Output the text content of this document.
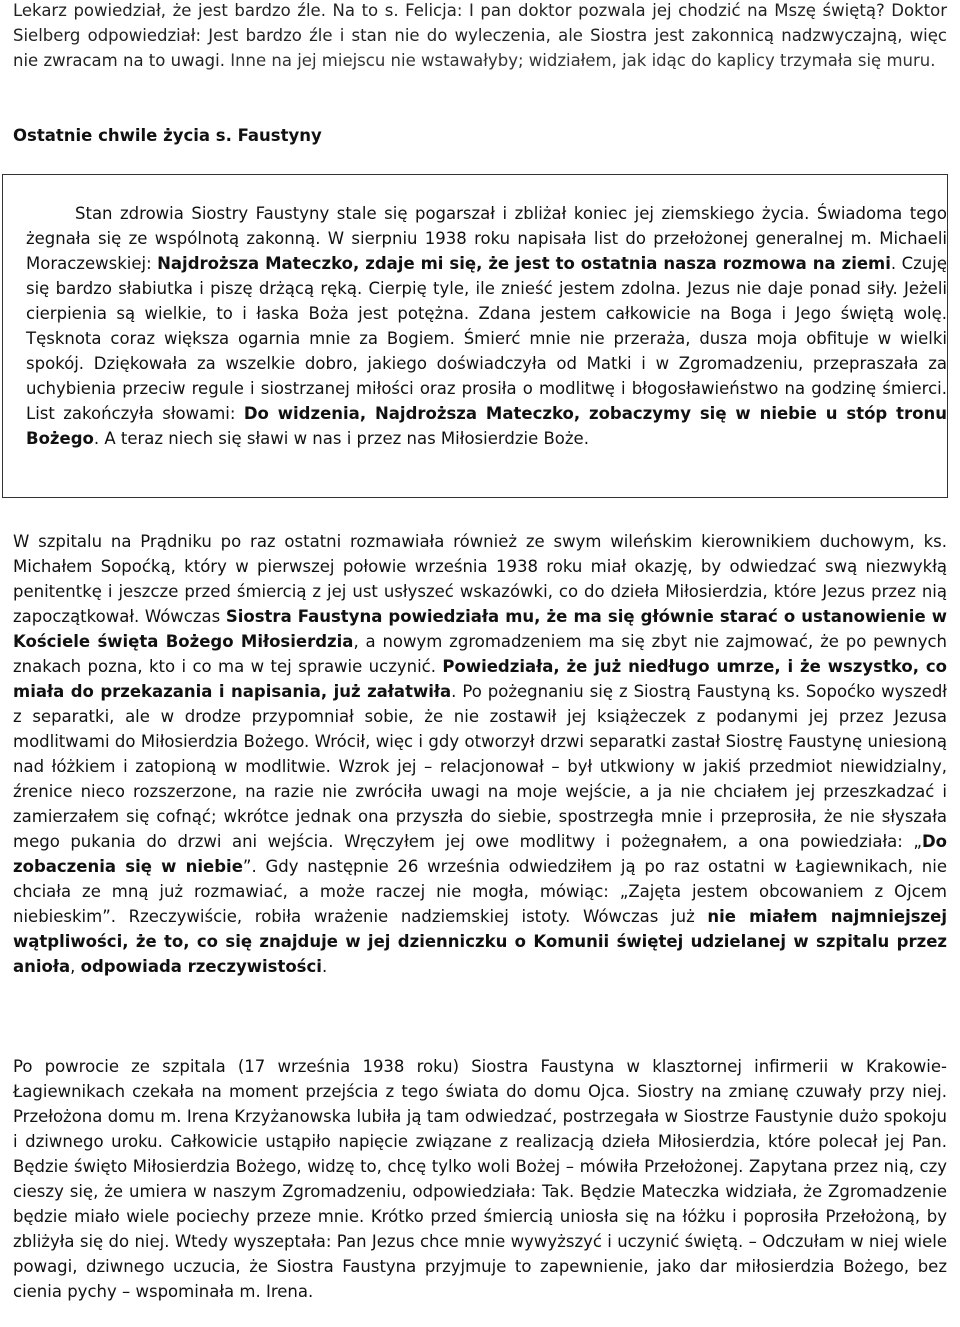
Lekarz powiedział, że jest bardzo źle. Na to s. Felicja: I pan doktor pozwala jej chodzić na Mszę świętą? Doktor Sielberg odpowiedział: Jest bardzo źle i stan nie do wyleczenia, ale Siostra jest zakonnicą nadzwyczajną, więc nie zwracam na to uwagi. Inne na jej miejscu nie wstawałyby; widziałem, jak idąc do kaplicy trzymała się muru.

Ostatnie chwile życia s. Faustyny

Stan zdrowia Siostry Faustyny stale się pogarszał i zbliżał koniec jej ziemskiego życia. Świadoma tego żegnała się ze wspólnotą zakonną. W sierpniu 1938 roku napisała list do przełożonej generalnej m. Michaeli Moraczewskiej: Najdroższa Mateczko, zdaje mi się, że jest to ostatnia nasza rozmowa na ziemi. Czuję się bardzo słabiutka i piszę drżącą ręką. Cierpię tyle, ile znieść jestem zdolna. Jezus nie daje ponad siły. Jeżeli cierpienia są wielkie, to i łaska Boża jest potężna. Zdana jestem całkowicie na Boga i Jego świętą wolę. Tęsknota coraz większa ogarnia mnie za Bogiem. Śmierć mnie nie przeraża, dusza moja obfituje w wielki spokój. Dziękowała za wszelkie dobro, jakiego doświadczyła od Matki i w Zgromadzeniu, przepraszała za uchybienia przeciw regule i siostrzanej miłości oraz prosiła o modlitwę i błogosławieństwo na godzinę śmierci. List zakończyła słowami: Do widzenia, Najdroższa Mateczko, zobaczymy się w niebie u stóp tronu Bożego. A teraz niech się sławi w nas i przez nas Miłosierdzie Boże.

W szpitalu na Prądniku po raz ostatni rozmawiała również ze swym wileńskim kierownikiem duchowym, ks. Michałem Sopoćką, który w pierwszej połowie września 1938 roku miał okazję, by odwiedzać swą niezwykłą penitentkę i jeszcze przed śmiercią z jej ust usłyszeć wskazówki, co do dzieła Miłosierdzia, które Jezus przez nią zapoczątkował. Wówczas Siostra Faustyna powiedziała mu, że ma się głównie starać o ustanowienie w Kościele święta Bożego Miłosierdzia, a nowym zgromadzeniem ma się zbyt nie zajmować, że po pewnych znakach pozna, kto i co ma w tej sprawie uczynić. Powiedziała, że już niedługo umrze, i że wszystko, co miała do przekazania i napisania, już załatwiła. Po pożegnaniu się z Siostrą Faustyną ks. Sopoćko wyszedł z separatki, ale w drodze przypomniał sobie, że nie zostawił jej książeczek z podanymi jej przez Jezusa modlitwami do Miłosierdzia Bożego. Wrócił, więc i gdy otworzył drzwi separatki zastał Siostrę Faustynę uniesioną nad łóżkiem i zatopioną w modlitwie. Wzrok jej – relacjonował – był utkwiony w jakiś przedmiot niewidzialny, źrenice nieco rozszerzone, na razie nie zwróciła uwagi na moje wejście, a ja nie chciałem jej przeszkadzać i zamierzałem się cofnąć; wkrótce jednak ona przyszła do siebie, spostrzegła mnie i przeprosiła, że nie słyszała mego pukania do drzwi ani wejścia. Wręczyłem jej owe modlitwy i pożegnałem, a ona powiedziała: „Do zobaczenia się w niebie”. Gdy następnie 26 września odwiedziłem ją po raz ostatni w Łagiewnikach, nie chciała ze mną już rozmawiać, a może raczej nie mogła, mówiąc: „Zajęta jestem obcowaniem z Ojcem niebieskim”. Rzeczywiście, robiła wrażenie nadziemskiej istoty. Wówczas już nie miałem najmniejszej wątpliwości, że to, co się znajduje w jej dzienniczku o Komunii świętej udzielanej w szpitalu przez anioła, odpowiada rzeczywistości.

Po powrocie ze szpitala (17 września 1938 roku) Siostra Faustyna w klasztornej infirmerii w Krakowie-Łagiewnikach czekała na moment przejścia z tego świata do domu Ojca. Siostry na zmianę czuwały przy niej. Przełożona domu m. Irena Krzyżanowska lubiła ją tam odwiedzać, postrzegała w Siostrze Faustynie dużo spokoju i dziwnego uroku. Całkowicie ustąpiło napięcie związane z realizacją dzieła Miłosierdzia, które polecał jej Pan. Będzie święto Miłosierdzia Bożego, widzę to, chcę tylko woli Bożej – mówiła Przełożonej. Zapytana przez nią, czy cieszy się, że umiera w naszym Zgromadzeniu, odpowiedziała: Tak. Będzie Mateczka widziała, że Zgromadzenie będzie miało wiele pociechy przeze mnie. Krótko przed śmiercią uniosła się na łóżku i poprosiła Przełożoną, by zbliżyła się do niej. Wtedy wyszeptała: Pan Jezus chce mnie wywyższyć i uczynić świętą. – Odczułam w niej wiele powagi, dziwnego uczucia, że Siostra Faustyna przyjmuje to zapewnienie, jako dar miłosierdzia Bożego, bez cienia pychy – wspominała m. Irena.
